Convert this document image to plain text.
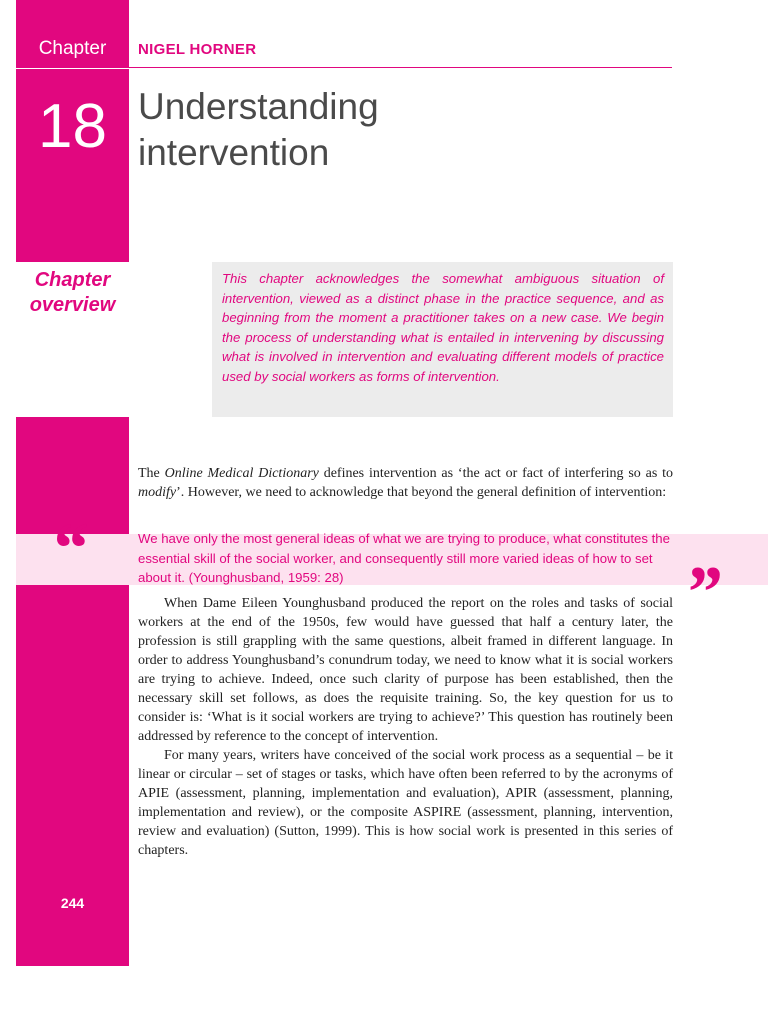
Chapter
18
NIGEL HORNER
Understanding
intervention
Chapter
overview
This chapter acknowledges the somewhat ambiguous situation of intervention, viewed as a distinct phase in the practice sequence, and as beginning from the moment a practitioner takes on a new case. We begin the process of understanding what is entailed in intervening by discussing what is involved in intervention and evaluating different models of practice used by social workers as forms of intervention.

The Online Medical Dictionary defines intervention as ‘the act or fact of interfering so as to modify’. However, we need to acknowledge that beyond the general definition of intervention:

“	We have only the most general ideas of what we are trying to produce, what constitutes the essential skill of the social worker, and consequently still more varied ideas of how to set about it. (Younghusband, 1959: 28)	”
When Dame Eileen Younghusband produced the report on the roles and tasks of social workers at the end of the 1950s, few would have guessed that half a century later, the profession is still grappling with the same questions, albeit framed in different language. In order to address Younghusband’s conundrum today, we need to know what it is social workers are trying to achieve. Indeed, once such clarity of purpose has been established, then the necessary skill set follows, as does the requisite training. So, the key question for us to consider is: ‘What is it social workers are trying to achieve?’ This question has routinely been addressed by reference to the concept of intervention.
For many years, writers have conceived of the social work process as a sequential – be it linear or circular – set of stages or tasks, which have often been referred to by the acronyms of APIE (assessment, planning, implementation and evaluation), APIR (assessment, planning, implementation and review), or the composite ASPIRE (assessment, planning, intervention, review and evaluation) (Sutton, 1999). This is how social work is presented in this series of chapters.
244
